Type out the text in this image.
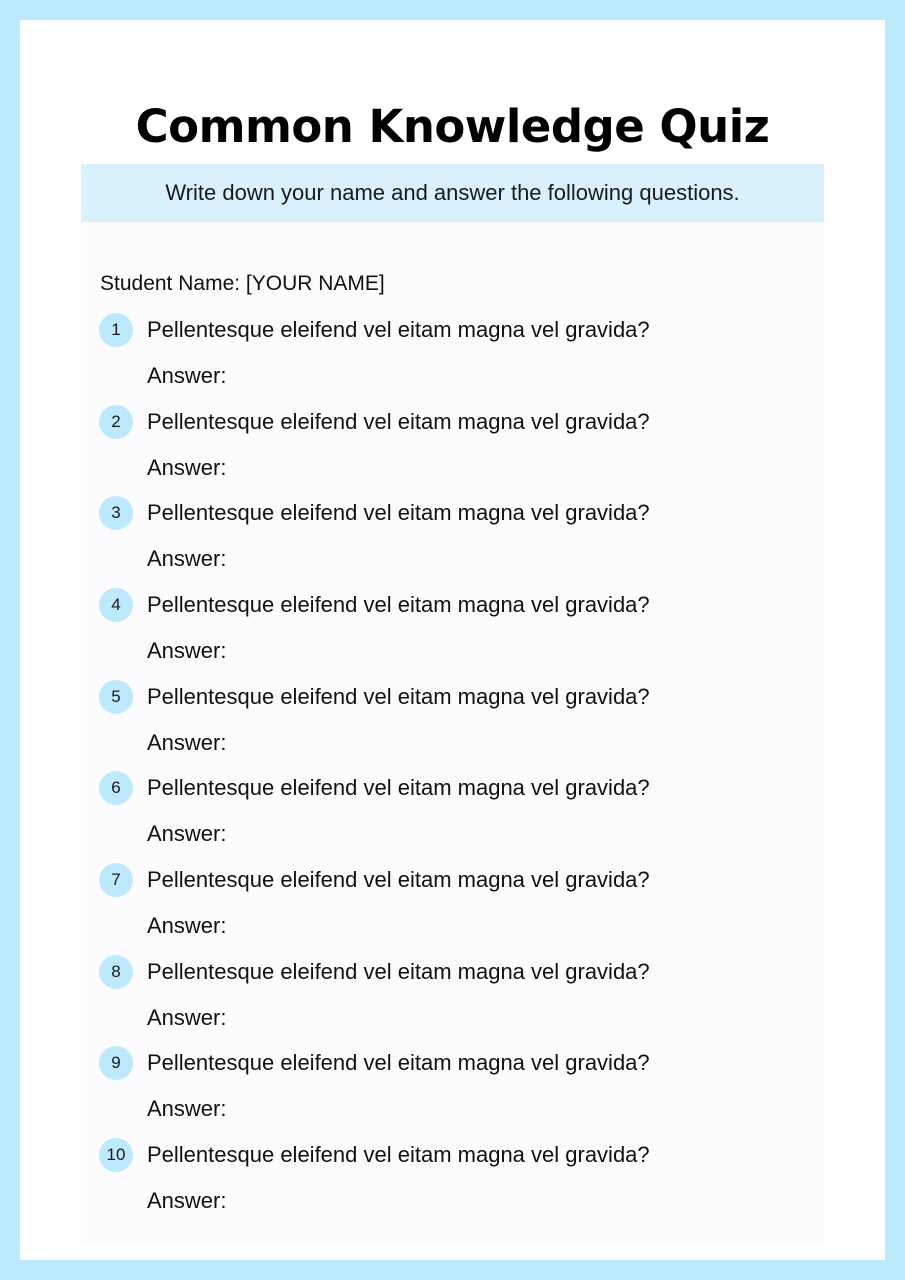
Common Knowledge Quiz
Write down your name and answer the following questions.
Student Name: [YOUR NAME]
1	Pellentesque eleifend vel eitam magna vel gravida?
Answer:
2	Pellentesque eleifend vel eitam magna vel gravida?
Answer:
3	Pellentesque eleifend vel eitam magna vel gravida?
Answer:
4	Pellentesque eleifend vel eitam magna vel gravida?
Answer:
5	Pellentesque eleifend vel eitam magna vel gravida?
Answer:
6	Pellentesque eleifend vel eitam magna vel gravida?
Answer:
7	Pellentesque eleifend vel eitam magna vel gravida?
Answer:
8	Pellentesque eleifend vel eitam magna vel gravida?
Answer:
9	Pellentesque eleifend vel eitam magna vel gravida?
Answer:
10 Pellentesque eleifend vel eitam magna vel gravida?
Answer:
